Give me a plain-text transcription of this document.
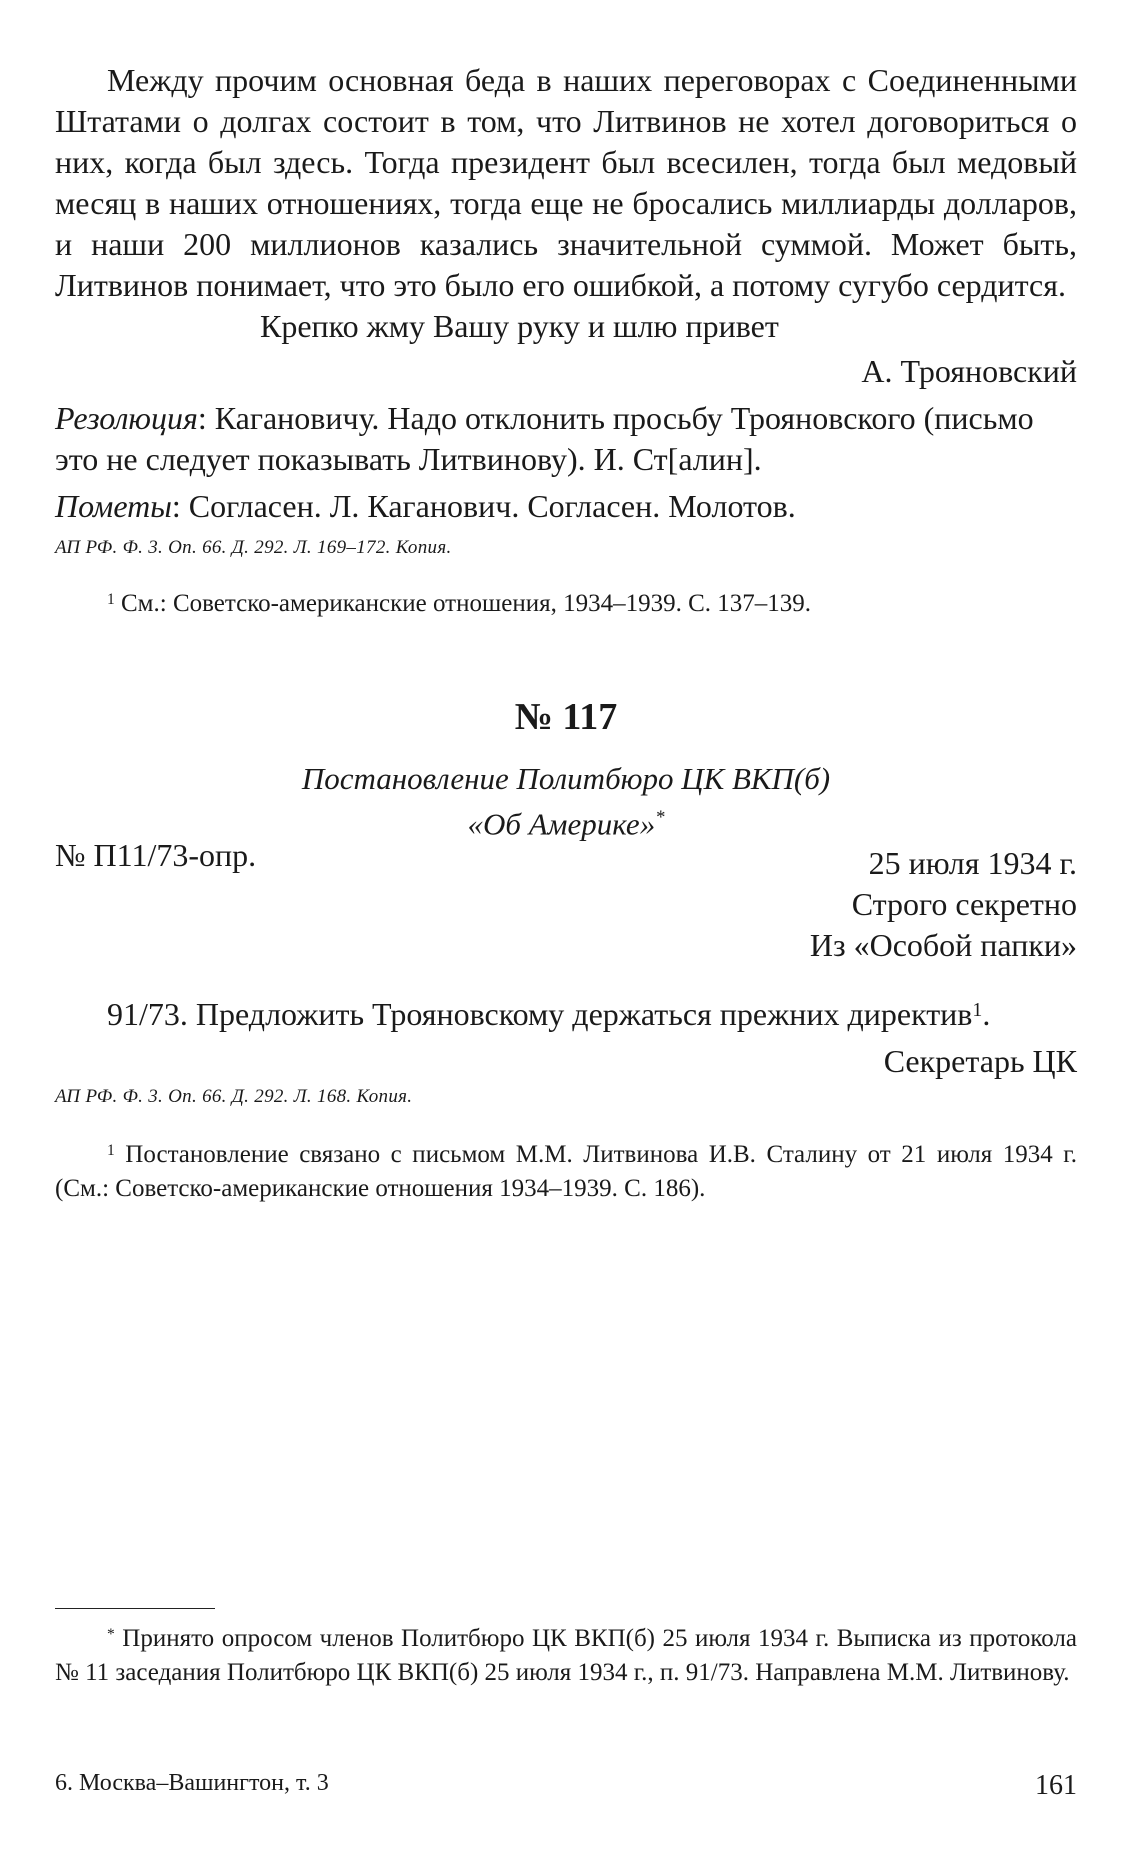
Между прочим основная беда в наших переговорах с Соединенными Штатами о долгах состоит в том, что Литвинов не хотел договориться о них, когда был здесь. Тогда президент был всесилен, тогда был медовый месяц в наших отношениях, тогда еще не бросались миллиарды долларов, и наши 200 миллионов казались значительной суммой. Может быть, Литвинов понимает, что это было его ошибкой, а потому сугубо сердится.

Крепко жму Вашу руку и шлю привет

А. Трояновский

Резолюция: Кагановичу. Надо отклонить просьбу Трояновского (письмо это не следует показывать Литвинову). И. Ст[алин].

Пометы: Согласен. Л. Каганович. Согласен. Молотов.

АП РФ. Ф. 3. Оп. 66. Д. 292. Л. 169–172. Копия.

$^1$ См.: Советско-американские отношения, 1934–1939. С. 137–139.

№ 117

Постановление Политбюро ЦК ВКП(б)

«Об Америке»*

№ П11/73-опр.	25 июля 1934 г.

Строго секретно

Из «Особой папки»

91/73. Предложить Трояновскому держаться прежних директив$^1$.

Секретарь ЦК

АП РФ. Ф. 3. Оп. 66. Д. 292. Л. 168. Копия.

$^1$ Постановление связано с письмом М.М. Литвинова И.В. Сталину от 21 июля 1934 г. (См.: Советско-американские отношения 1934–1939. С. 186).

* Принято опросом членов Политбюро ЦК ВКП(б) 25 июля 1934 г. Выписка из протокола № 11 заседания Политбюро ЦК ВКП(б) 25 июля 1934 г., п. 91/73. Направлена М.М. Литвинову.

6. Москва–Вашингтон, т. 3	161
